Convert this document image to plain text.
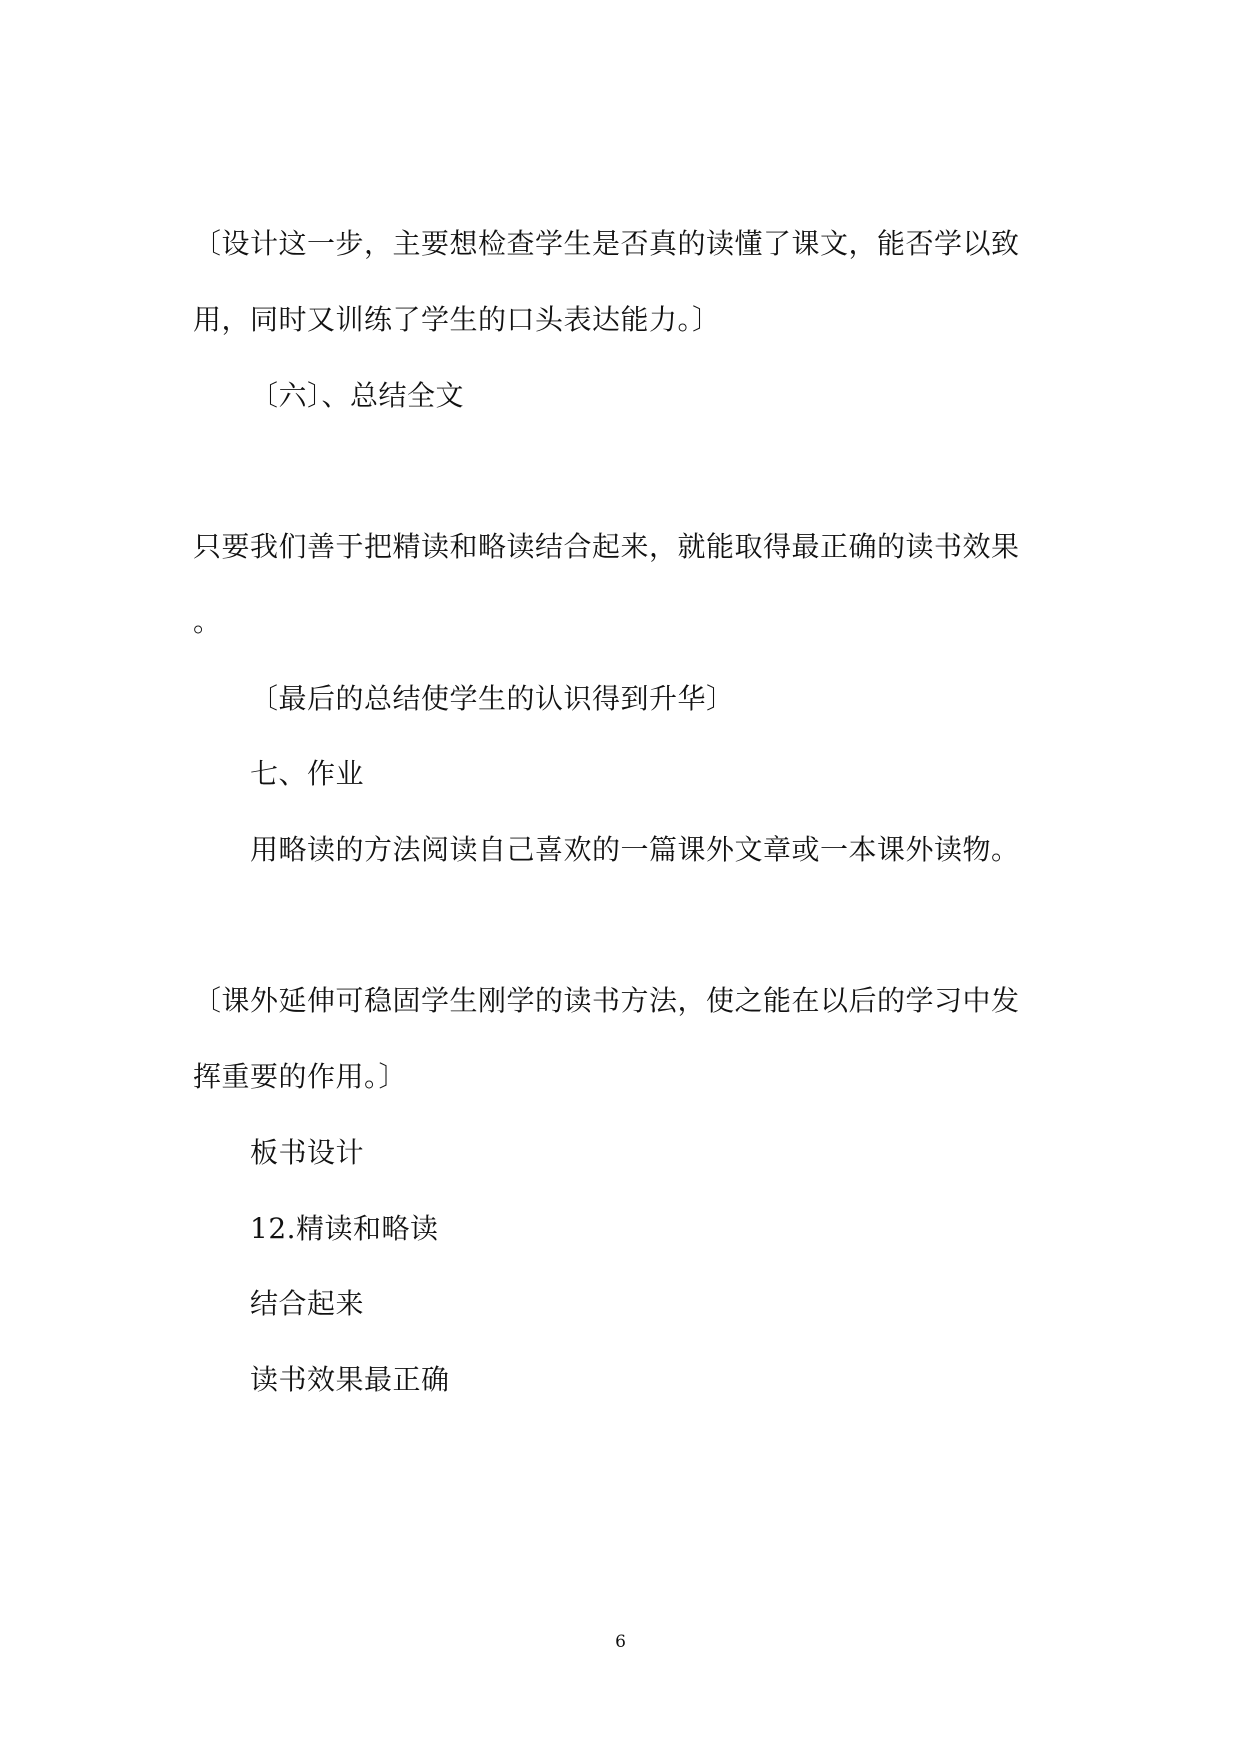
〔设计这一步，主要想检查学生是否真的读懂了课文，能否学以致
用，同时又训练了学生的口头表达能力。〕
〔六〕、总结全文
只要我们善于把精读和略读结合起来，就能取得最正确的读书效果
。
〔最后的总结使学生的认识得到升华〕
七、作业
用略读的方法阅读自己喜欢的一篇课外文章或一本课外读物。
〔课外延伸可稳固学生刚学的读书方法，使之能在以后的学习中发
挥重要的作用。〕
板书设计
12.精读和略读
结合起来
读书效果最正确
6
